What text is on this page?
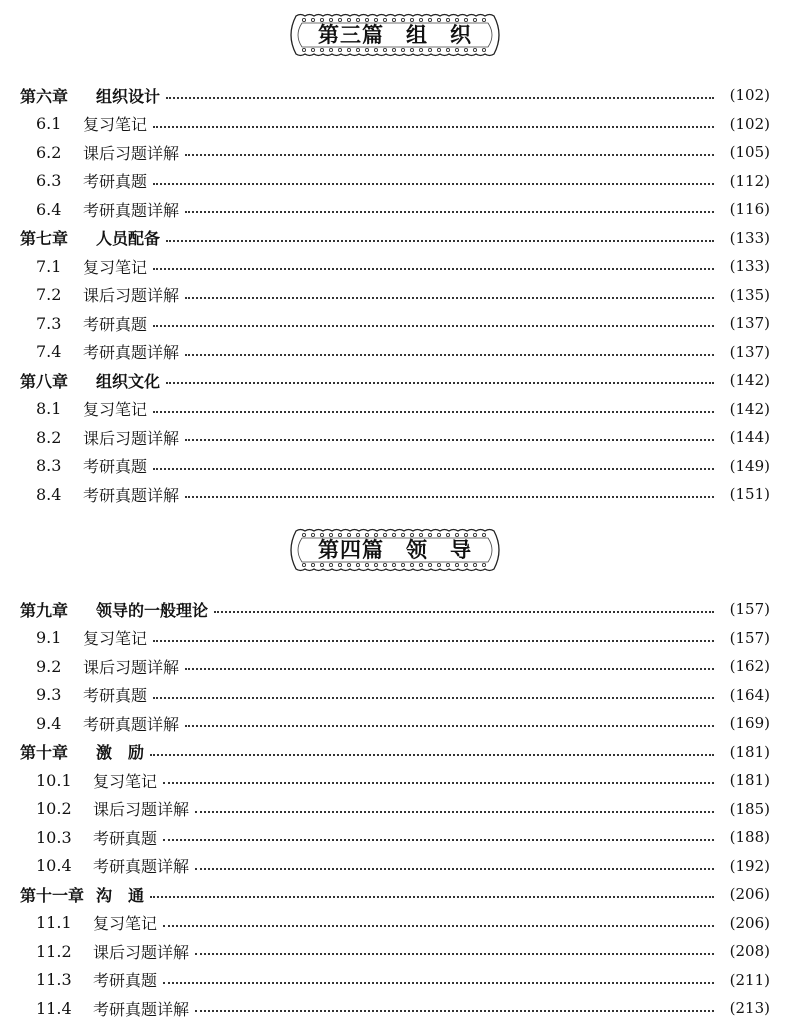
第三篇　组　织
第六章	组织设计	(102)
6.1	复习笔记	(102)
6.2	课后习题详解	(105)
6.3	考研真题	(112)
6.4	考研真题详解	(116)
第七章	人员配备	(133)
7.1	复习笔记	(133)
7.2	课后习题详解	(135)
7.3	考研真题	(137)
7.4	考研真题详解	(137)
第八章	组织文化	(142)
8.1	复习笔记	(142)
8.2	课后习题详解	(144)
8.3	考研真题	(149)
8.4	考研真题详解	(151)
第四篇　领　导
第九章	领导的一般理论	(157)
9.1	复习笔记	(157)
9.2	课后习题详解	(162)
9.3	考研真题	(164)
9.4	考研真题详解	(169)
第十章	激　励	(181)
10.1	复习笔记	(181)
10.2	课后习题详解	(185)
10.3	考研真题	(188)
10.4	考研真题详解	(192)
第十一章 沟　通	(206)
11.1	复习笔记	(206)
11.2	课后习题详解	(208)
11.3	考研真题	(211)
11.4	考研真题详解	(213)
